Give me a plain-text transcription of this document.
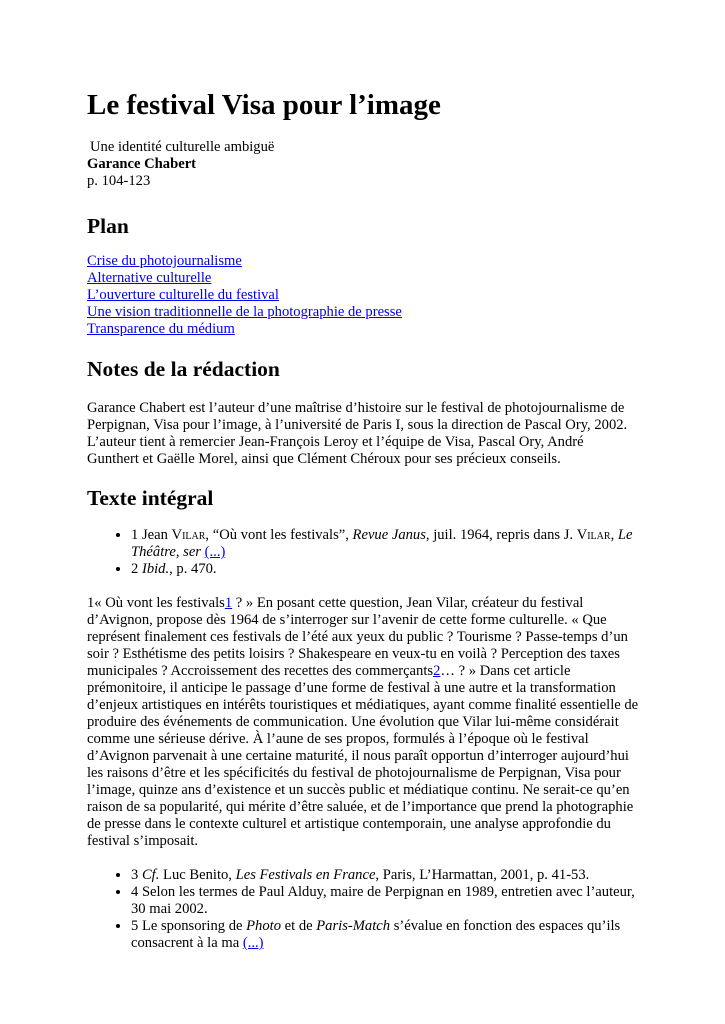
Le festival Visa pour l’image
Une identité culturelle ambiguë
Garance Chabert
p. 104-123
Plan
Crise du photojournalisme
Alternative culturelle
L’ouverture culturelle du festival
Une vision traditionnelle de la photographie de presse
Transparence du médium
Notes de la rédaction

Garance Chabert est l’auteur d’une maîtrise d’histoire sur le festival de photojournalisme de Perpignan, Visa pour l’image, à l’université de Paris I, sous la direction de Pascal Ory, 2002. L’auteur tient à remercier Jean-François Leroy et l’équipe de Visa, Pascal Ory, André Gunthert et Gaëlle Morel, ainsi que Clément Chéroux pour ses précieux conseils.

Texte intégral
• 1 Jean Vilar, “Où vont les festivals”, Revue Janus, juil. 1964, repris dans J. Vilar, Le Théâtre, ser (...)
• 2 Ibid., p. 470.

1« Où vont les festivals1 ? » En posant cette question, Jean Vilar, créateur du festival d’Avignon, propose dès 1964 de s’interroger sur l’avenir de cette forme culturelle. « Que représent finalement ces festivals de l’été aux yeux du public ? Tourisme ? Passe-temps d’un soir ? Esthétisme des petits loisirs ? Shakespeare en veux-tu en voilà ? Perception des taxes municipales ? Accroissement des recettes des commerçants2… ? » Dans cet article prémonitoire, il anticipe le passage d’une forme de festival à une autre et la transformation d’enjeux artistiques en intérêts touristiques et médiatiques, ayant comme finalité essentielle de produire des événements de communication. Une évolution que Vilar lui-même considérait comme une sérieuse dérive. À l’aune de ses propos, formulés à l’époque où le festival d’Avignon parvenait à une certaine maturité, il nous paraît opportun d’interroger aujourd’hui les raisons d’être et les spécificités du festival de photojournalisme de Perpignan, Visa pour l’image, quinze ans d’existence et un succès public et médiatique continu. Ne serait-ce qu’en raison de sa popularité, qui mérite d’être saluée, et de l’importance que prend la photographie de presse dans le contexte culturel et artistique contemporain, une analyse approfondie du festival s’imposait.

• 3 Cf. Luc Benito, Les Festivals en France, Paris, L’Harmattan, 2001, p. 41-53.
• 4 Selon les termes de Paul Alduy, maire de Perpignan en 1989, entretien avec l’auteur, 30 mai 2002.
• 5 Le sponsoring de Photo et de Paris-Match s’évalue en fonction des espaces qu’ils consacrent à la ma (...)
